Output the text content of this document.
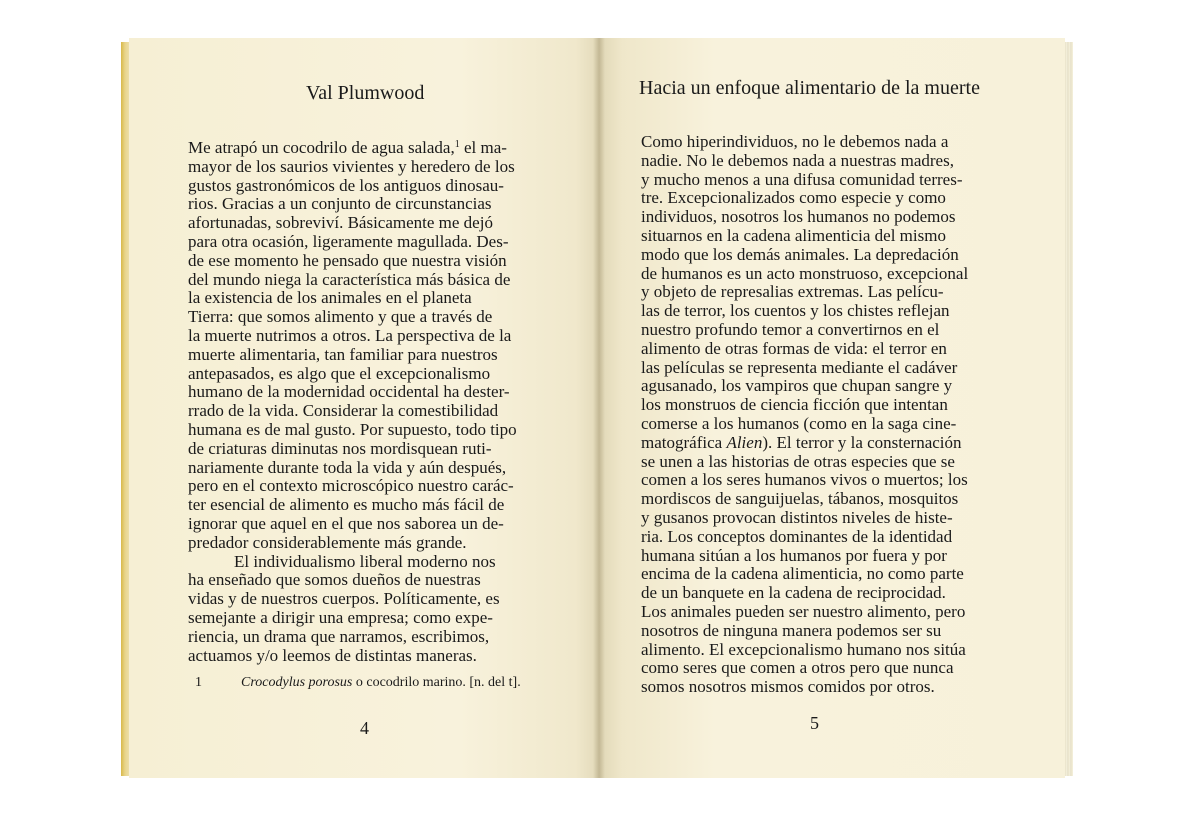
Val Plumwood
Me atrapó un cocodrilo de agua salada,$^1$ el ma-
mayor de los saurios vivientes y heredero de los
gustos gastronómicos de los antiguos dinosau-
rios. Gracias a un conjunto de circunstancias
afortunadas, sobreviví. Básicamente me dejó
para otra ocasión, ligeramente magullada. Des-
de ese momento he pensado que nuestra visión
del mundo niega la característica más básica de
la existencia de los animales en el planeta
Tierra: que somos alimento y que a través de
la muerte nutrimos a otros. La perspectiva de la
muerte alimentaria, tan familiar para nuestros
antepasados, es algo que el excepcionalismo
humano de la modernidad occidental ha dester-
rrado de la vida. Considerar la comestibilidad
humana es de mal gusto. Por supuesto, todo tipo
de criaturas diminutas nos mordisquean ruti-
nariamente durante toda la vida y aún después,
pero en el contexto microscópico nuestro carác-
ter esencial de alimento es mucho más fácil de
ignorar que aquel en el que nos saborea un de-
predador considerablemente más grande.
El individualismo liberal moderno nos
ha enseñado que somos dueños de nuestras
vidas y de nuestros cuerpos. Políticamente, es
semejante a dirigir una empresa; como expe-
riencia, un drama que narramos, escribimos,
actuamos y/o leemos de distintas maneras.
1	Crocodylus porosus o cocodrilo marino. [n. del t].
4
Hacia un enfoque alimentario de la muerte
Como hiperindividuos, no le debemos nada a
nadie. No le debemos nada a nuestras madres,
y mucho menos a una difusa comunidad terres-
tre. Excepcionalizados como especie y como
individuos, nosotros los humanos no podemos
situarnos en la cadena alimenticia del mismo
modo que los demás animales. La depredación
de humanos es un acto monstruoso, excepcional
y objeto de represalias extremas. Las pelícu-
las de terror, los cuentos y los chistes reflejan
nuestro profundo temor a convertirnos en el
alimento de otras formas de vida: el terror en
las películas se representa mediante el cadáver
agusanado, los vampiros que chupan sangre y
los monstruos de ciencia ficción que intentan
comerse a los humanos (como en la saga cine-
matográfica Alien). El terror y la consternación
se unen a las historias de otras especies que se
comen a los seres humanos vivos o muertos; los
mordiscos de sanguijuelas, tábanos, mosquitos
y gusanos provocan distintos niveles de histe-
ria. Los conceptos dominantes de la identidad
humana sitúan a los humanos por fuera y por
encima de la cadena alimenticia, no como parte
de un banquete en la cadena de reciprocidad.
Los animales pueden ser nuestro alimento, pero
nosotros de ninguna manera podemos ser su
alimento. El excepcionalismo humano nos sitúa
como seres que comen a otros pero que nunca
somos nosotros mismos comidos por otros.
5
